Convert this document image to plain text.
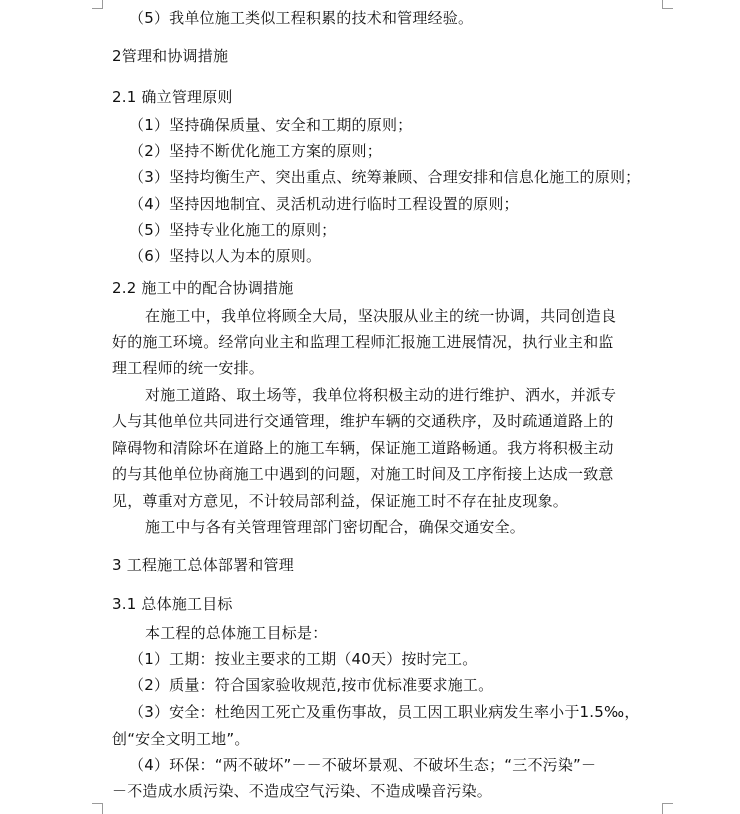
（5）我单位施工类似工程积累的技术和管理经验。
2管理和协调措施
2.1 确立管理原则
（1）坚持确保质量、安全和工期的原则；
（2）坚持不断优化施工方案的原则；
（3）坚持均衡生产、突出重点、统筹兼顾、合理安排和信息化施工的原则；
（4）坚持因地制宜、灵活机动进行临时工程设置的原则；
（5）坚持专业化施工的原则；
（6）坚持以人为本的原则。
2.2 施工中的配合协调措施
在施工中，我单位将顾全大局，坚决服从业主的统一协调，共同创造良
好的施工环境。经常向业主和监理工程师汇报施工进展情况，执行业主和监
理工程师的统一安排。
对施工道路、取土场等，我单位将积极主动的进行维护、洒水，并派专
人与其他单位共同进行交通管理，维护车辆的交通秩序，及时疏通道路上的
障碍物和清除坏在道路上的施工车辆，保证施工道路畅通。我方将积极主动
的与其他单位协商施工中遇到的问题，对施工时间及工序衔接上达成一致意
见，尊重对方意见，不计较局部利益，保证施工时不存在扯皮现象。
施工中与各有关管理管理部门密切配合，确保交通安全。
3 工程施工总体部署和管理
3.1 总体施工目标
本工程的总体施工目标是：
（1）工期：按业主要求的工期（40天）按时完工。
（2）质量：符合国家验收规范,按市优标准要求施工。
（3）安全：杜绝因工死亡及重伤事故，员工因工职业病发生率小于1.5‰，
创“安全文明工地”。
（4）环保：“两不破坏”－－不破坏景观、不破坏生态；“三不污染”－
－不造成水质污染、不造成空气污染、不造成噪音污染。
